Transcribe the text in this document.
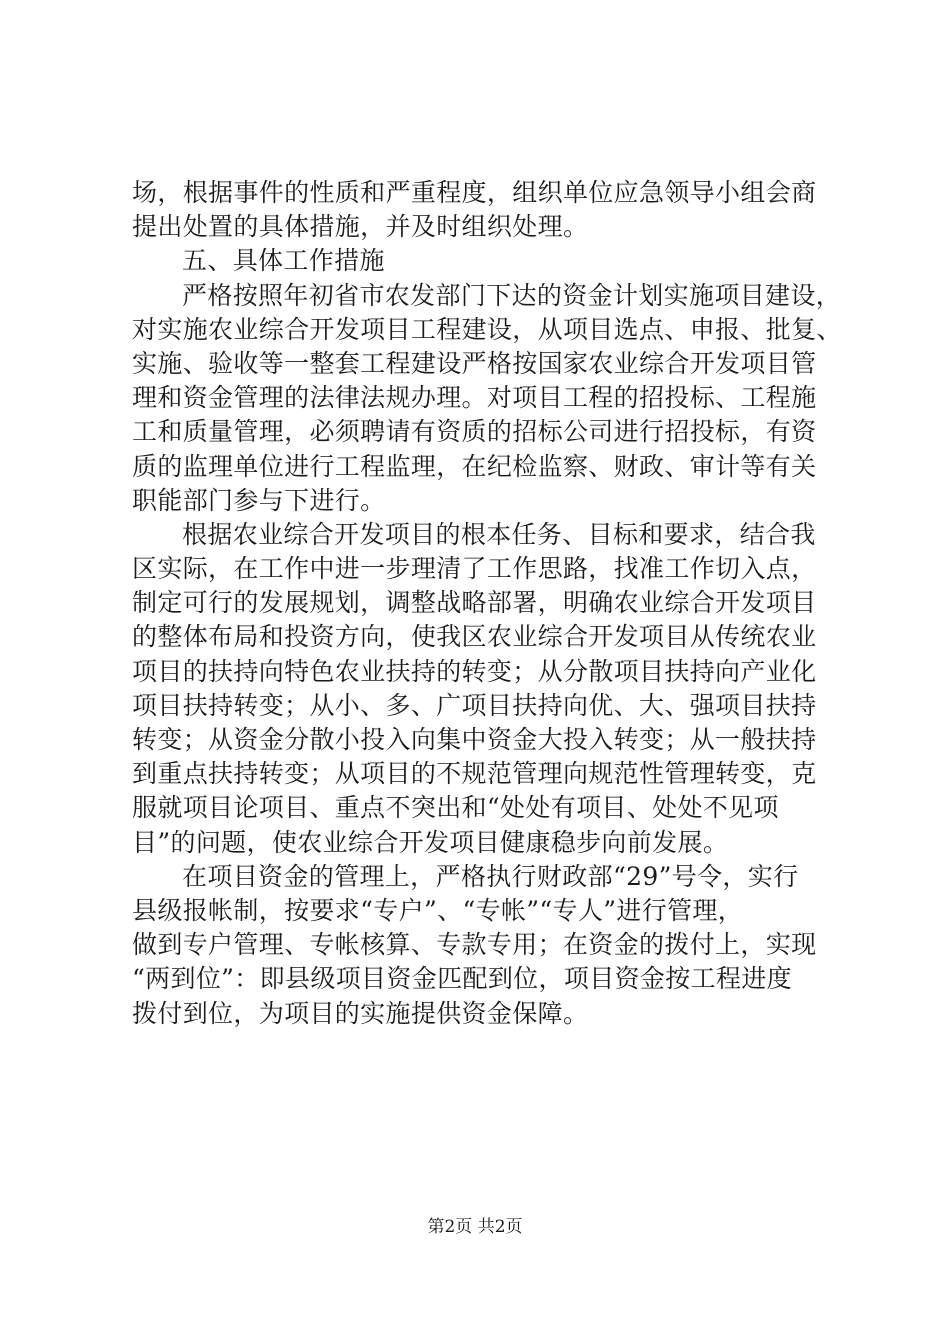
场，根据事件的性质和严重程度，组织单位应急领导小组会商
提出处置的具体措施，并及时组织处理。
五、具体工作措施
严格按照年初省市农发部门下达的资金计划实施项目建设，
对实施农业综合开发项目工程建设，从项目选点、申报、批复、
实施、验收等一整套工程建设严格按国家农业综合开发项目管
理和资金管理的法律法规办理。对项目工程的招投标、工程施
工和质量管理，必须聘请有资质的招标公司进行招投标，有资
质的监理单位进行工程监理，在纪检监察、财政、审计等有关
职能部门参与下进行。
根据农业综合开发项目的根本任务、目标和要求，结合我
区实际，在工作中进一步理清了工作思路，找准工作切入点，
制定可行的发展规划，调整战略部署，明确农业综合开发项目
的整体布局和投资方向，使我区农业综合开发项目从传统农业
项目的扶持向特色农业扶持的转变；从分散项目扶持向产业化
项目扶持转变；从小、多、广项目扶持向优、大、强项目扶持
转变；从资金分散小投入向集中资金大投入转变；从一般扶持
到重点扶持转变；从项目的不规范管理向规范性管理转变，克
服就项目论项目、重点不突出和“处处有项目、处处不见项
目”的问题，使农业综合开发项目健康稳步向前发展。
在项目资金的管理上，严格执行财政部“29”号令，实行
县级报帐制，按要求“专户”、“专帐”“专人”进行管理，
做到专户管理、专帐核算、专款专用；在资金的拨付上，实现
“两到位”：即县级项目资金匹配到位，项目资金按工程进度
拨付到位，为项目的实施提供资金保障。
第2页 共2页
